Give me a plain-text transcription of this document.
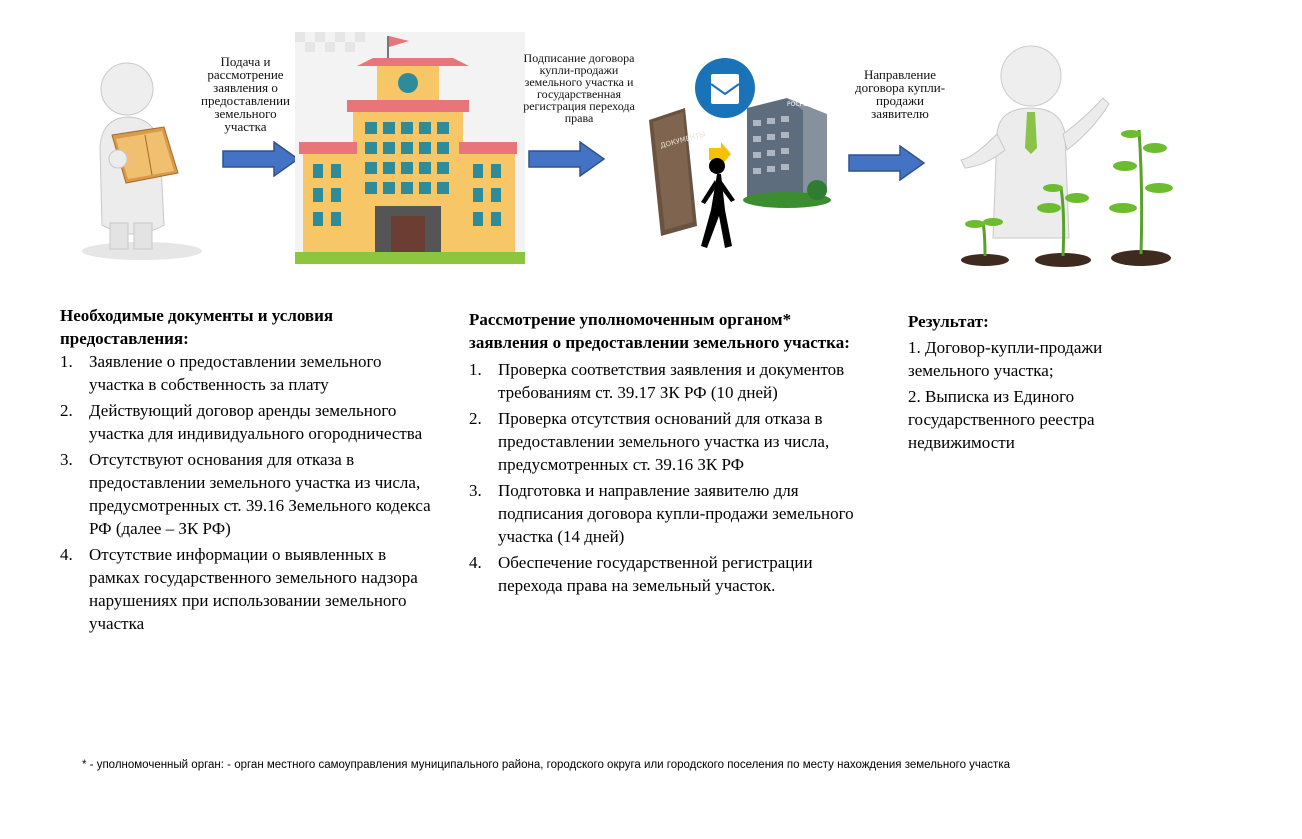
Подача и рассмотрение заявления о предоставлении земельного участка
Подписание договора купли-продажи земельного участка и государственная регистрация перехода права
ДОКУМЕНТЫ
РОСРЕЕСТР
Направление договора купли-продажи заявителю
Необходимые документы и условия предоставления:
1. Заявление о предоставлении земельного участка в собственность за плату
2. Действующий договор аренды земельного участка для индивидуального огородничества
3. Отсутствуют основания для отказа в предоставлении земельного участка из числа, предусмотренных ст. 39.16 Земельного кодекса РФ (далее – ЗК РФ)
4. Отсутствие информации о выявленных в рамках государственного земельного надзора нарушениях при использовании земельного участка
Рассмотрение уполномоченным органом* заявления о предоставлении земельного участка:
1. Проверка соответствия заявления и документов требованиям ст. 39.17 ЗК РФ (10 дней)
2. Проверка отсутствия оснований для отказа в предоставлении земельного участка из числа, предусмотренных ст. 39.16 ЗК РФ
3. Подготовка и направление заявителю для подписания договора купли-продажи земельного участка (14 дней)
4. Обеспечение государственной регистрации перехода права на земельный участок.
Результат:

1. Договор-купли-продажи земельного участка;

2. Выписка из Единого государственного реестра недвижимости

* - уполномоченный орган: - орган местного самоуправления муниципального района, городского округа или городского поселения по месту нахождения земельного участка
